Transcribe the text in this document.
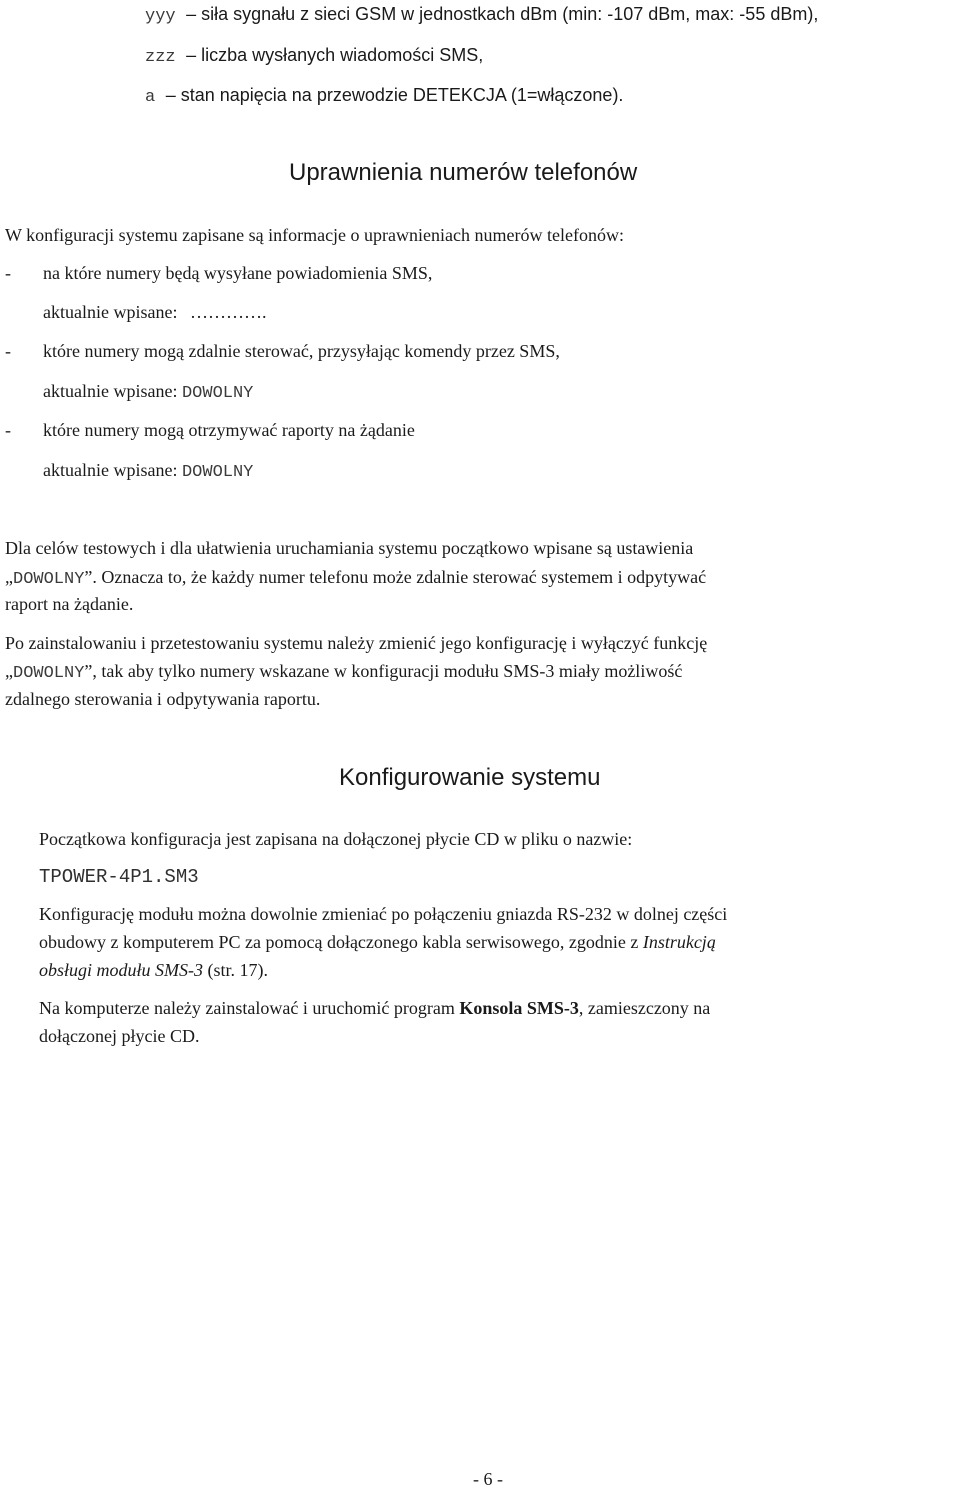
yyy – siła sygnału z sieci GSM w jednostkach dBm (min: -107 dBm, max: -55 dBm),
zzz – liczba wysłanych wiadomości SMS,
a – stan napięcia na przewodzie DETEKCJA (1=włączone).
Uprawnienia numerów telefonów
W konfiguracji systemu zapisane są informacje o uprawnieniach numerów telefonów:
- na które numery będą wysyłane powiadomienia SMS,
aktualnie wpisane: ………….
- które numery mogą zdalnie sterować, przysyłając komendy przez SMS,
aktualnie wpisane: DOWOLNY
- które numery mogą otrzymywać raporty na żądanie
aktualnie wpisane: DOWOLNY
Dla celów testowych i dla ułatwienia uruchamiania systemu początkowo wpisane są ustawienia
„DOWOLNY”. Oznacza to, że każdy numer telefonu może zdalnie sterować systemem i odpytywać
raport na żądanie.
Po zainstalowaniu i przetestowaniu systemu należy zmienić jego konfigurację i wyłączyć funkcję
„DOWOLNY”, tak aby tylko numery wskazane w konfiguracji modułu SMS-3 miały możliwość
zdalnego sterowania i odpytywania raportu.
Konfigurowanie systemu
Początkowa konfiguracja jest zapisana na dołączonej płycie CD w pliku o nazwie:
TPOWER-4P1.SM3
Konfigurację modułu można dowolnie zmieniać po połączeniu gniazda RS-232 w dolnej części
obudowy z komputerem PC za pomocą dołączonego kabla serwisowego, zgodnie z Instrukcją
obsługi modułu SMS-3 (str. 17).
Na komputerze należy zainstalować i uruchomić program Konsola SMS-3, zamieszczony na
dołączonej płycie CD.
- 6 -
